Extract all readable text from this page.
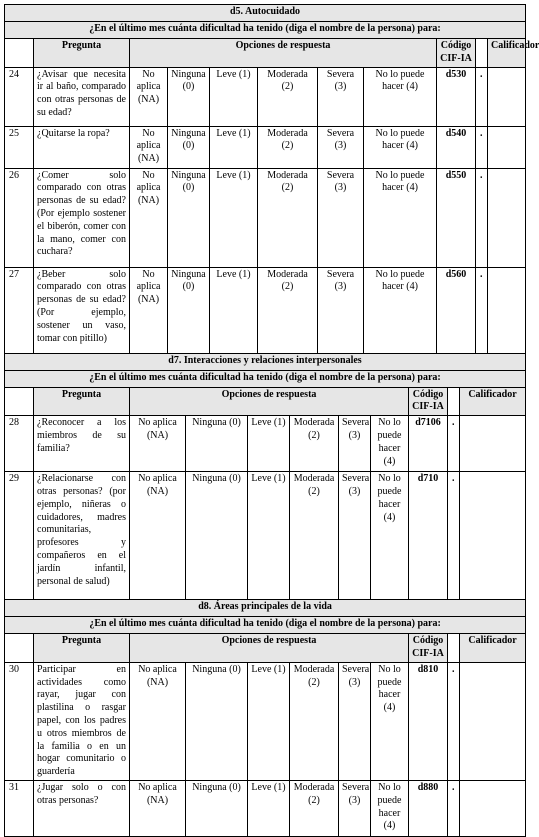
d5. Autocuidado										
¿En el último mes cuánta dificultad ha tenido (diga el nombre de la persona) para:										
	Pregunta	Opciones de respuesta						Código CIF-IA		Calificador
24	¿Avisar que necesita ir al baño, comparado con otras personas de su edad?	No aplica (NA)	Ninguna (0)	Leve (1)	Moderada (2)	Severa (3)	No lo puede hacer (4)	d530	.	
25	¿Quitarse la ropa?	No aplica (NA)	Ninguna (0)	Leve (1)	Moderada (2)	Severa (3)	No lo puede hacer (4)	d540	.	
26	¿Comer solo comparado con otras personas de su edad? (Por ejemplo sostener el biberón, comer con la mano, comer con cuchara?	No aplica (NA)	Ninguna (0)	Leve (1)	Moderada (2)	Severa (3)	No lo puede hacer (4)	d550	.	
27	¿Beber solo comparado con otras personas de su edad? (Por ejemplo, sostener un vaso, tomar con pitillo)	No aplica (NA)	Ninguna (0)	Leve (1)	Moderada (2)	Severa (3)	No lo puede hacer (4)	d560	.	
d7. Interacciones y relaciones interpersonales										
¿En el último mes cuánta dificultad ha tenido (diga el nombre de la persona) para:										
	Pregunta	Opciones de respuesta						Código CIF-IA		Calificador
28	¿Reconocer a los miembros de su familia?	No aplica (NA)	Ninguna (0)	Leve (1)	Moderada (2)	Severa (3)	No lo puede hacer (4)	d7106	.	
29	¿Relacionarse con otras personas? (por ejemplo, niñeras o cuidadores, madres comunitarias, profesores y compañeros en el jardín infantil, personal de salud)	No aplica (NA)	Ninguna (0)	Leve (1)	Moderada (2)	Severa (3)	No lo puede hacer (4)	d710	.	
d8. Áreas principales de la vida										
¿En el último mes cuánta dificultad ha tenido (diga el nombre de la persona) para:										
	Pregunta	Opciones de respuesta						Código CIF-IA		Calificador
30	Participar en actividades como rayar, jugar con plastilina o rasgar papel, con los padres u otros miembros de la familia o en un hogar comunitario o guardería	No aplica (NA)	Ninguna (0)	Leve (1)	Moderada (2)	Severa (3)	No lo puede hacer (4)	d810	.	
31	¿Jugar solo o con otras personas?	No aplica (NA)	Ninguna (0)	Leve (1)	Moderada (2)	Severa (3)	No lo puede hacer (4)	d880	.	
